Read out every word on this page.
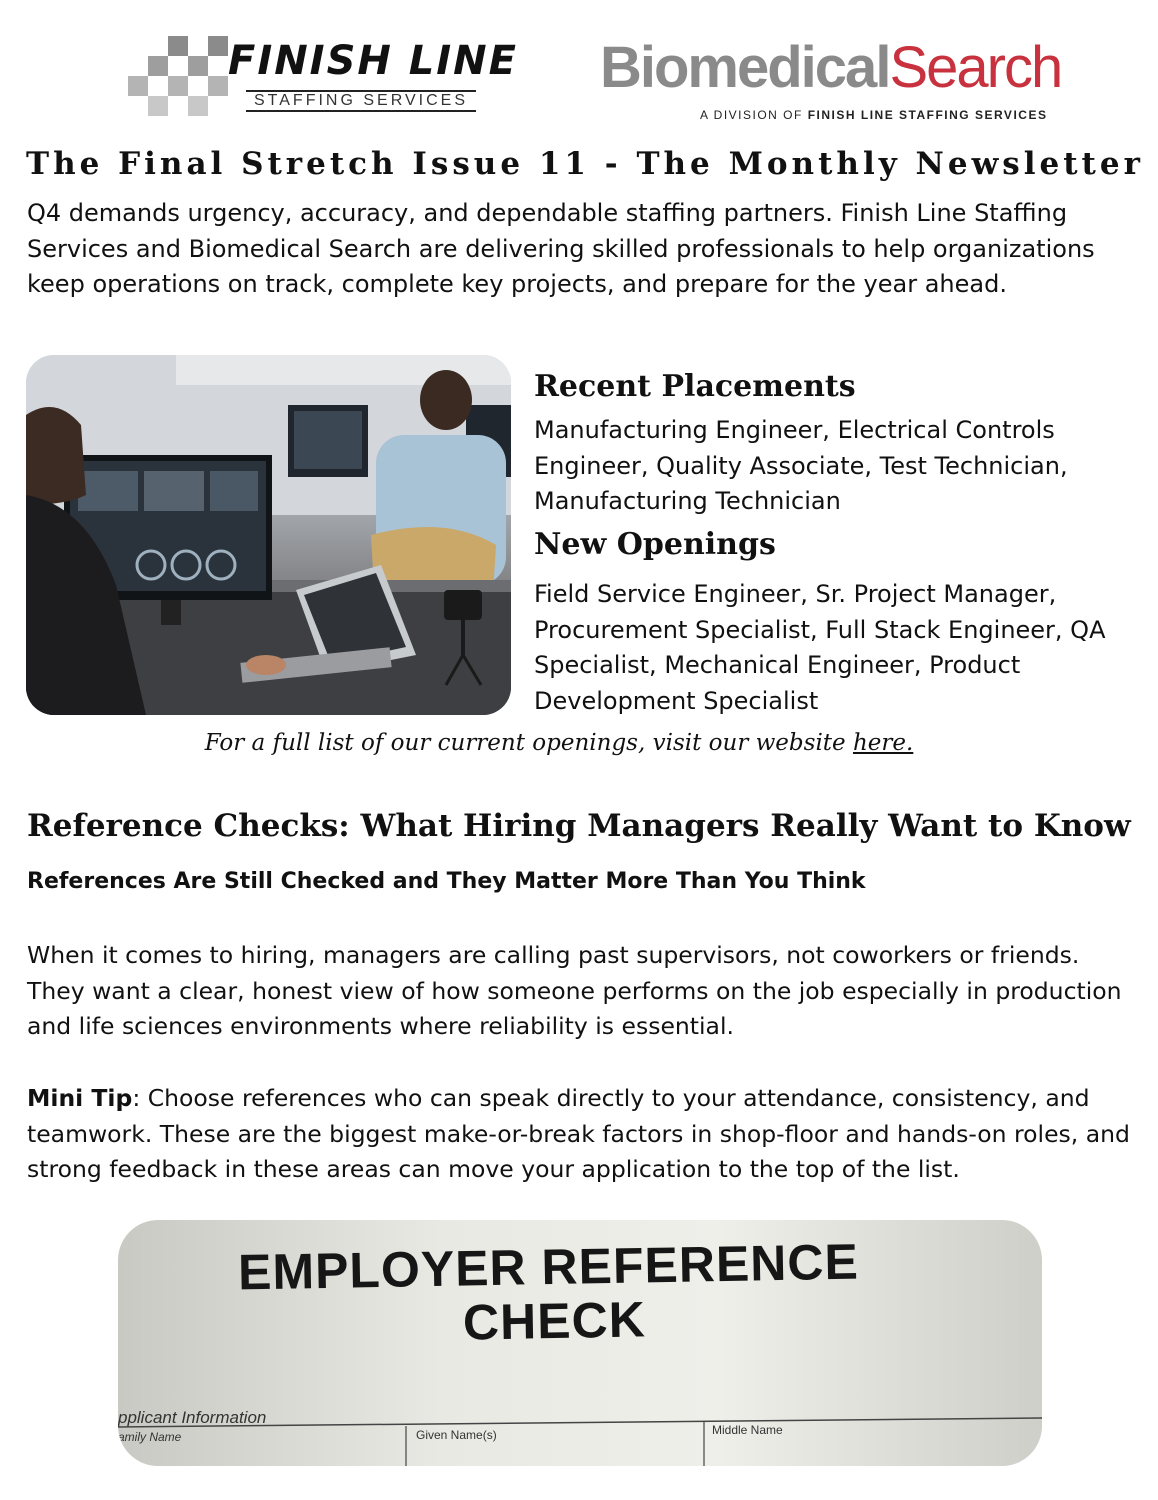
FINISH LINE
STAFFING SERVICES
BiomedicalSearch
A DIVISION OF FINISH LINE STAFFING SERVICES
The Final Stretch Issue 11 - The Monthly Newsletter
Q4 demands urgency, accuracy, and dependable staffing partners. Finish Line Staffing Services and Biomedical Search are delivering skilled professionals to help organizations keep operations on track, complete key projects, and prepare for the year ahead.
Recent Placements
Manufacturing Engineer, Electrical Controls Engineer, Quality Associate, Test Technician, Manufacturing Technician
New Openings
Field Service Engineer, Sr. Project Manager, Procurement Specialist, Full Stack Engineer, QA Specialist, Mechanical Engineer, Product Development Specialist
For a full list of our current openings, visit our website here.
Reference Checks: What Hiring Managers Really Want to Know
References Are Still Checked and They Matter More Than You Think
When it comes to hiring, managers are calling past supervisors, not coworkers or friends. They want a clear, honest view of how someone performs on the job especially in production and life sciences environments where reliability is essential.
Mini Tip: Choose references who can speak directly to your attendance, consistency, and teamwork. These are the biggest make-or-break factors in shop-floor and hands-on roles, and strong feedback in these areas can move your application to the top of the list.
EMPLOYER REFERENCE
CHECK
pplicant Information
amily Name	Given Name(s)	Middle Name
